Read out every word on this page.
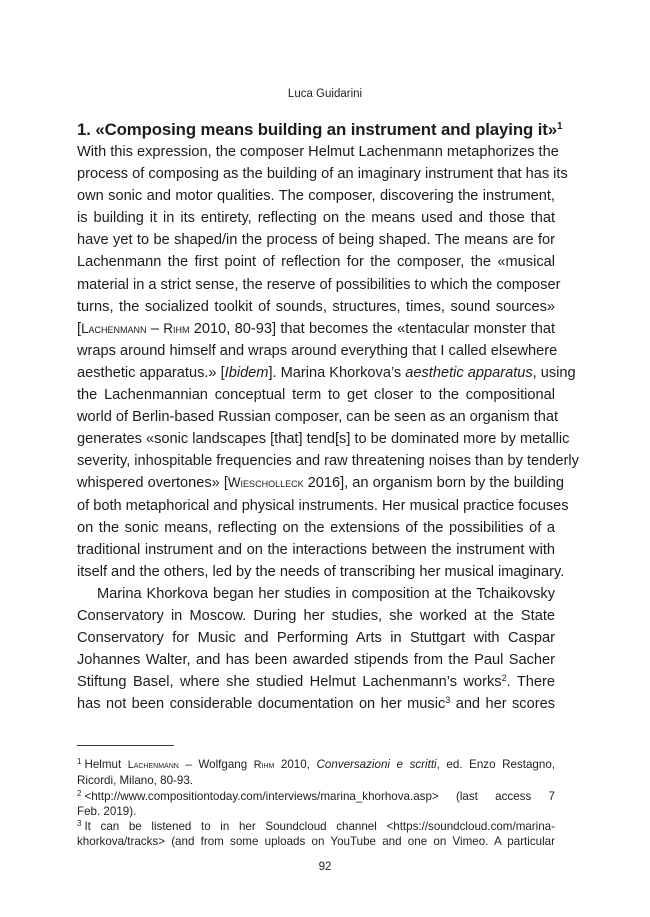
Luca Guidarini
1. «Composing means building an instrument and playing it»$^1$

With this expression, the composer Helmut Lachenmann metaphorizes the
process of composing as the building of an imaginary instrument that has its
own sonic and motor qualities. The composer, discovering the instrument,
is building it in its entirety, reflecting on the means used and those that
have yet to be shaped/in the process of being shaped. The means are for
Lachenmann the first point of reflection for the composer, the «musical
material in a strict sense, the reserve of possibilities to which the composer
turns, the socialized toolkit of sounds, structures, times, sound sources»
[Lachenmann – Rihm 2010, 80-93] that becomes the «tentacular monster that
wraps around himself and wraps around everything that I called elsewhere
aesthetic apparatus.» [Ibidem]. Marina Khorkova’s aesthetic apparatus, using
the Lachenmannian conceptual term to get closer to the compositional
world of Berlin-based Russian composer, can be seen as an organism that
generates «sonic landscapes [that] tend[s] to be dominated more by metallic
severity, inhospitable frequencies and raw threatening noises than by tenderly
whispered overtones» [Wiescholleck 2016], an organism born by the building
of both metaphorical and physical instruments. Her musical practice focuses
on the sonic means, reflecting on the extensions of the possibilities of a
traditional instrument and on the interactions between the instrument with
itself and the others, led by the needs of transcribing her musical imaginary.

Marina Khorkova began her studies in composition at the Tchaikovsky
Conservatory in Moscow. During her studies, she worked at the State
Conservatory for Music and Performing Arts in Stuttgart with Caspar
Johannes Walter, and has been awarded stipends from the Paul Sacher
Stiftung Basel, where she studied Helmut Lachenmann’s works$^2$. There
has not been considerable documentation on her music$^3$ and her scores

$^1$ Helmut Lachenmann – Wolfgang Rihm 2010, Conversazioni e scritti, ed. Enzo Restagno,
Ricordi, Milano, 80-93.
$^2$ <http://www.compositiontoday.com/interviews/marina_khorhova.asp> (last access 7
Feb. 2019).
$^3$ It can be listened to in her Soundcloud channel <https://soundcloud.com/marina-
khorkova/tracks> (and from some uploads on YouTube and one on Vimeo. A particular
92
